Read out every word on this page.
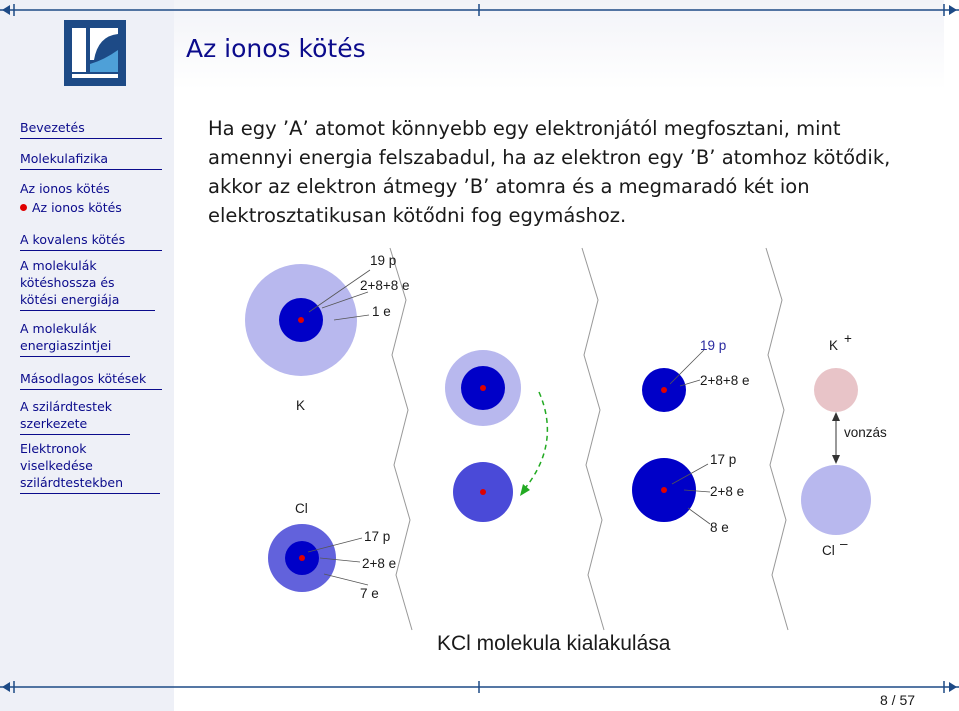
Az ionos kötés
Bevezetés
Molekulafizika
Az ionos kötés
Az ionos kötés
A kovalens kötés
A molekulák kötéshossza és kötési energiája
A molekulák energiaszintjei
Másodlagos kötések
A szilárdtestek szerkezete
Elektronok viselkedése szilárdtestekben
Ha egy ’A’ atomot könnyebb egy elektronjától megfosztani, mint amennyi energia felszabadul, ha az elektron egy ’B’ atomhoz kötődik, akkor az elektron átmegy ’B’ atomra és a megmaradó két ion elektrosztatikusan kötődni fog egymáshoz.
19 p
2+8+8 e
1 e
K
17 p
2+8 e
7 e
Cl
19 p
2+8+8 e
17 p
2+8 e
8 e
K +
vonzás
Cl –
KCl molekula kialakulása
8 / 57
